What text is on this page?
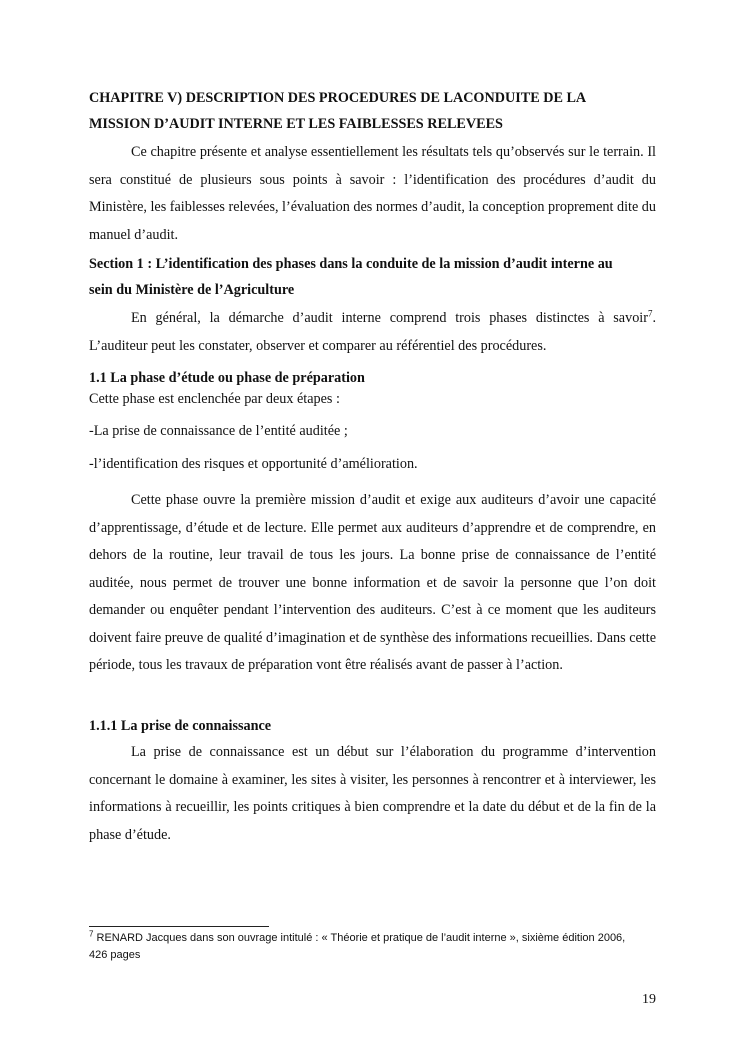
CHAPITRE V) DESCRIPTION DES PROCEDURES DE LACONDUITE DE LA

MISSION D’AUDIT INTERNE ET LES FAIBLESSES RELEVEES

Ce chapitre présente et analyse essentiellement les résultats tels qu’observés sur le terrain. Il sera constitué de plusieurs sous points à savoir : l’identification des procédures d’audit du Ministère, les faiblesses relevées, l’évaluation des normes d’audit, la conception proprement dite du manuel d’audit.

Section 1 : L’identification des phases dans la conduite de la mission d’audit interne au

sein du Ministère de l’Agriculture

En général, la démarche d’audit interne comprend trois phases distinctes à savoir$^7$. L’auditeur peut les constater, observer et comparer au référentiel des procédures.

1.1 La phase d’étude ou phase de préparation

Cette phase est enclenchée par deux étapes :

-La prise de connaissance de l’entité auditée ;

-l’identification des risques et opportunité d’amélioration.

Cette phase ouvre la première mission d’audit et exige aux auditeurs d’avoir une capacité d’apprentissage, d’étude et de lecture. Elle permet aux auditeurs d’apprendre et de comprendre, en dehors de la routine, leur travail de tous les jours. La bonne prise de connaissance de l’entité auditée, nous permet de trouver une bonne information et de savoir la personne que l’on doit demander ou enquêter pendant l’intervention des auditeurs. C’est à ce moment que les auditeurs doivent faire preuve de qualité d’imagination et de synthèse des informations recueillies. Dans cette période, tous les travaux de préparation vont être réalisés avant de passer à l’action.

1.1.1 La prise de connaissance

La prise de connaissance est un début sur l’élaboration du programme d’intervention concernant le domaine à examiner, les sites à visiter, les personnes à rencontrer et à interviewer, les informations à recueillir, les points critiques à bien comprendre et la date du début et de la fin de la phase d’étude.

$^7$ RENARD Jacques dans son ouvrage intitulé : « Théorie et pratique de l’audit interne », sixième édition 2006,
426 pages
19
